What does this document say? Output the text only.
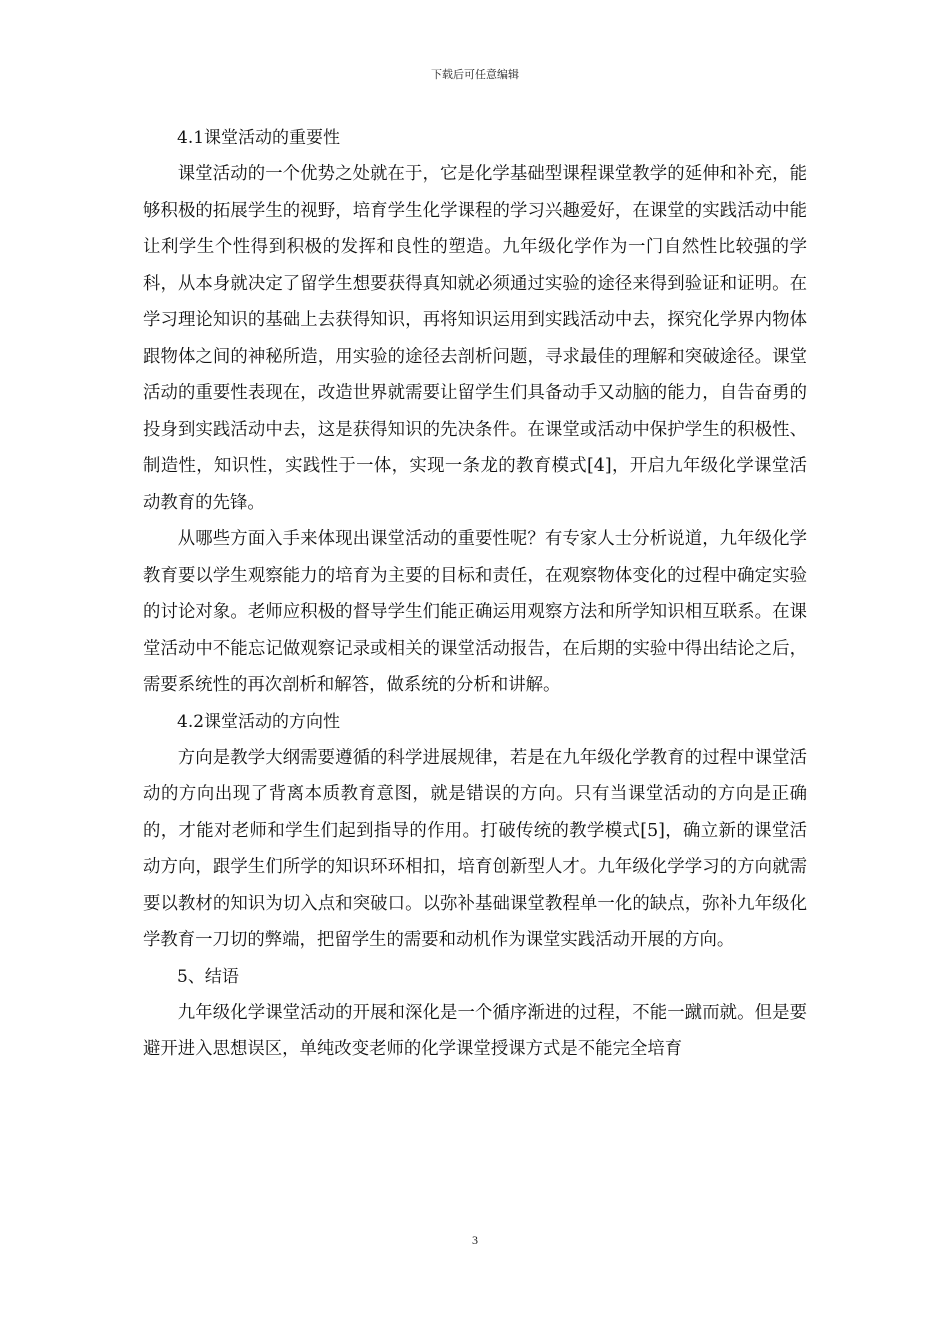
下载后可任意编辑
4.1课堂活动的重要性

课堂活动的一个优势之处就在于，它是化学基础型课程课堂教学的延伸和补充，能够积极的拓展学生的视野，培育学生化学课程的学习兴趣爱好，在课堂的实践活动中能让利学生个性得到积极的发挥和良性的塑造。九年级化学作为一门自然性比较强的学科，从本身就决定了留学生想要获得真知就必须通过实验的途径来得到验证和证明。在学习理论知识的基础上去获得知识，再将知识运用到实践活动中去，探究化学界内物体跟物体之间的神秘所造，用实验的途径去剖析问题，寻求最佳的理解和突破途径。课堂活动的重要性表现在，改造世界就需要让留学生们具备动手又动脑的能力，自告奋勇的投身到实践活动中去，这是获得知识的先决条件。在课堂或活动中保护学生的积极性、制造性，知识性，实践性于一体，实现一条龙的教育模式[4]，开启九年级化学课堂活动教育的先锋。

从哪些方面入手来体现出课堂活动的重要性呢？有专家人士分析说道，九年级化学教育要以学生观察能力的培育为主要的目标和责任，在观察物体变化的过程中确定实验的讨论对象。老师应积极的督导学生们能正确运用观察方法和所学知识相互联系。在课堂活动中不能忘记做观察记录或相关的课堂活动报告，在后期的实验中得出结论之后，需要系统性的再次剖析和解答，做系统的分析和讲解。

4.2课堂活动的方向性

方向是教学大纲需要遵循的科学进展规律，若是在九年级化学教育的过程中课堂活动的方向出现了背离本质教育意图，就是错误的方向。只有当课堂活动的方向是正确的，才能对老师和学生们起到指导的作用。打破传统的教学模式[5]，确立新的课堂活动方向，跟学生们所学的知识环环相扣，培育创新型人才。九年级化学学习的方向就需要以教材的知识为切入点和突破口。以弥补基础课堂教程单一化的缺点，弥补九年级化学教育一刀切的弊端，把留学生的需要和动机作为课堂实践活动开展的方向。

5、结语

九年级化学课堂活动的开展和深化是一个循序渐进的过程，不能一蹴而就。但是要避开进入思想误区，单纯改变老师的化学课堂授课方式是不能完全培育

3
